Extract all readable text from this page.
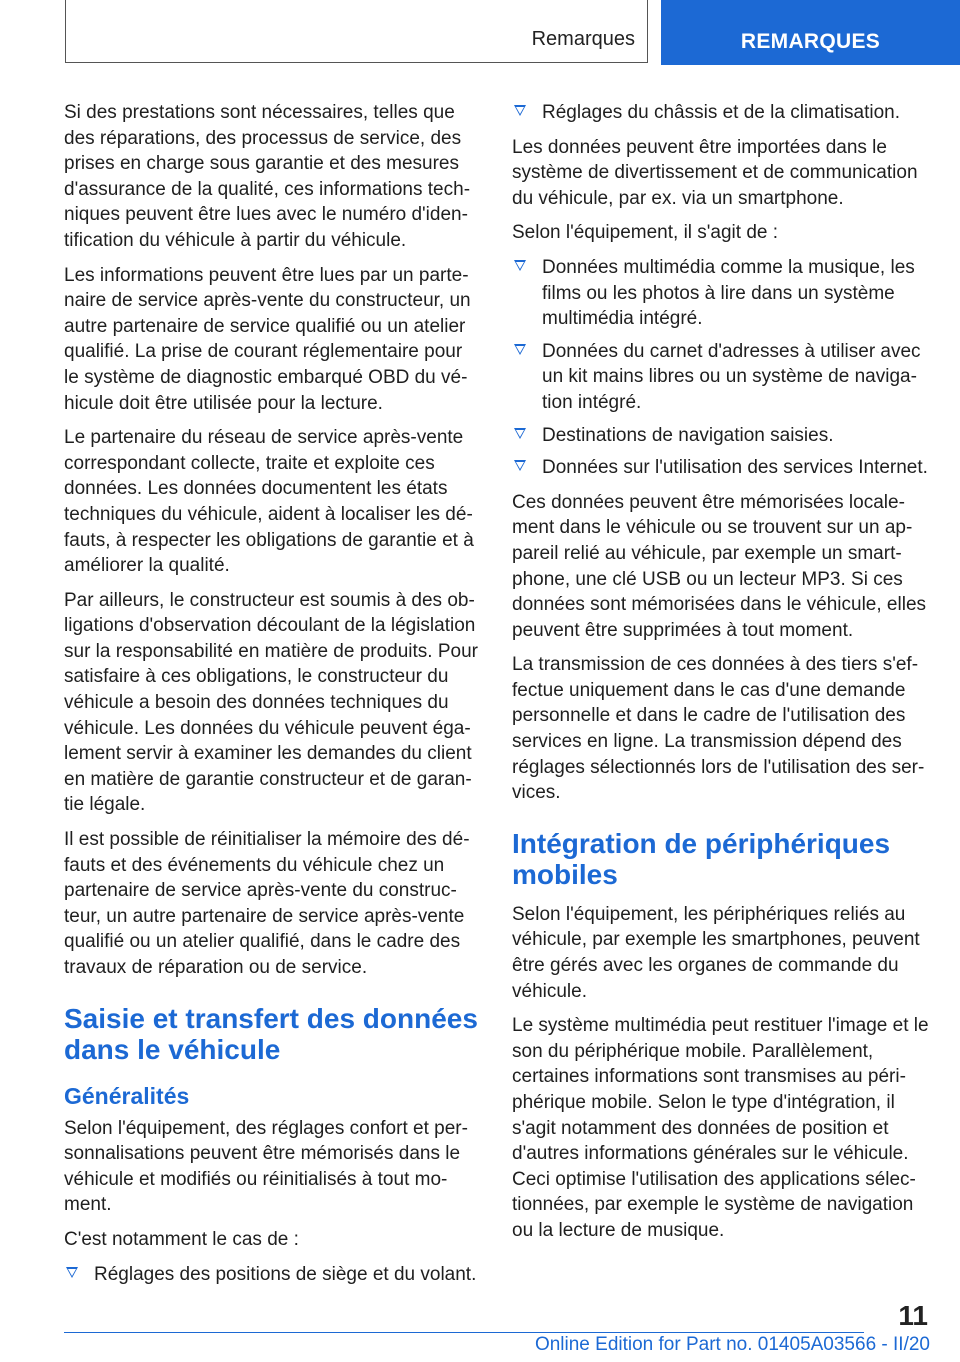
Remarques	REMARQUES

Si des prestations sont nécessaires, telles que des réparations, des processus de service, des prises en charge sous garantie et des mesures d'assurance de la qualité, ces informations techniques peuvent être lues avec le numéro d'identification du véhicule à partir du véhicule.

Les informations peuvent être lues par un partenaire de service après-vente du constructeur, un autre partenaire de service qualifié ou un atelier qualifié. La prise de courant réglementaire pour le système de diagnostic embarqué OBD du véhicule doit être utilisée pour la lecture.

Le partenaire du réseau de service après-vente correspondant collecte, traite et exploite ces données. Les données documentent les états techniques du véhicule, aident à localiser les défauts, à respecter les obligations de garantie et à améliorer la qualité.

Par ailleurs, le constructeur est soumis à des obligations d'observation découlant de la législation sur la responsabilité en matière de produits. Pour satisfaire à ces obligations, le constructeur du véhicule a besoin des données techniques du véhicule. Les données du véhicule peuvent également servir à examiner les demandes du client en matière de garantie constructeur et de garantie légale.

Il est possible de réinitialiser la mémoire des défauts et des événements du véhicule chez un partenaire de service après-vente du constructeur, un autre partenaire de service après-vente qualifié ou un atelier qualifié, dans le cadre des travaux de réparation ou de service.

Saisie et transfert des données dans le véhicule
Généralités

Selon l'équipement, des réglages confort et personnalisations peuvent être mémorisés dans le véhicule et modifiés ou réinitialisés à tout moment.

C'est notamment le cas de :

Réglages des positions de siège et du volant.
Réglages du châssis et de la climatisation.

Les données peuvent être importées dans le système de divertissement et de communication du véhicule, par ex. via un smartphone.

Selon l'équipement, il s'agit de :

Données multimédia comme la musique, les films ou les photos à lire dans un système multimédia intégré.
Données du carnet d'adresses à utiliser avec un kit mains libres ou un système de navigation intégré.
Destinations de navigation saisies.
Données sur l'utilisation des services Internet.

Ces données peuvent être mémorisées localement dans le véhicule ou se trouvent sur un appareil relié au véhicule, par exemple un smartphone, une clé USB ou un lecteur MP3. Si ces données sont mémorisées dans le véhicule, elles peuvent être supprimées à tout moment.

La transmission de ces données à des tiers s'effectue uniquement dans le cas d'une demande personnelle et dans le cadre de l'utilisation des services en ligne. La transmission dépend des réglages sélectionnés lors de l'utilisation des services.

Intégration de périphériques mobiles

Selon l'équipement, les périphériques reliés au véhicule, par exemple les smartphones, peuvent être gérés avec les organes de commande du véhicule.

Le système multimédia peut restituer l'image et le son du périphérique mobile. Parallèlement, certaines informations sont transmises au périphérique mobile. Selon le type d'intégration, il s'agit notamment des données de position et d'autres informations générales sur le véhicule. Ceci optimise l'utilisation des applications sélectionnées, par exemple le système de navigation ou la lecture de musique.

11
Online Edition for Part no. 01405A03566 - II/20
